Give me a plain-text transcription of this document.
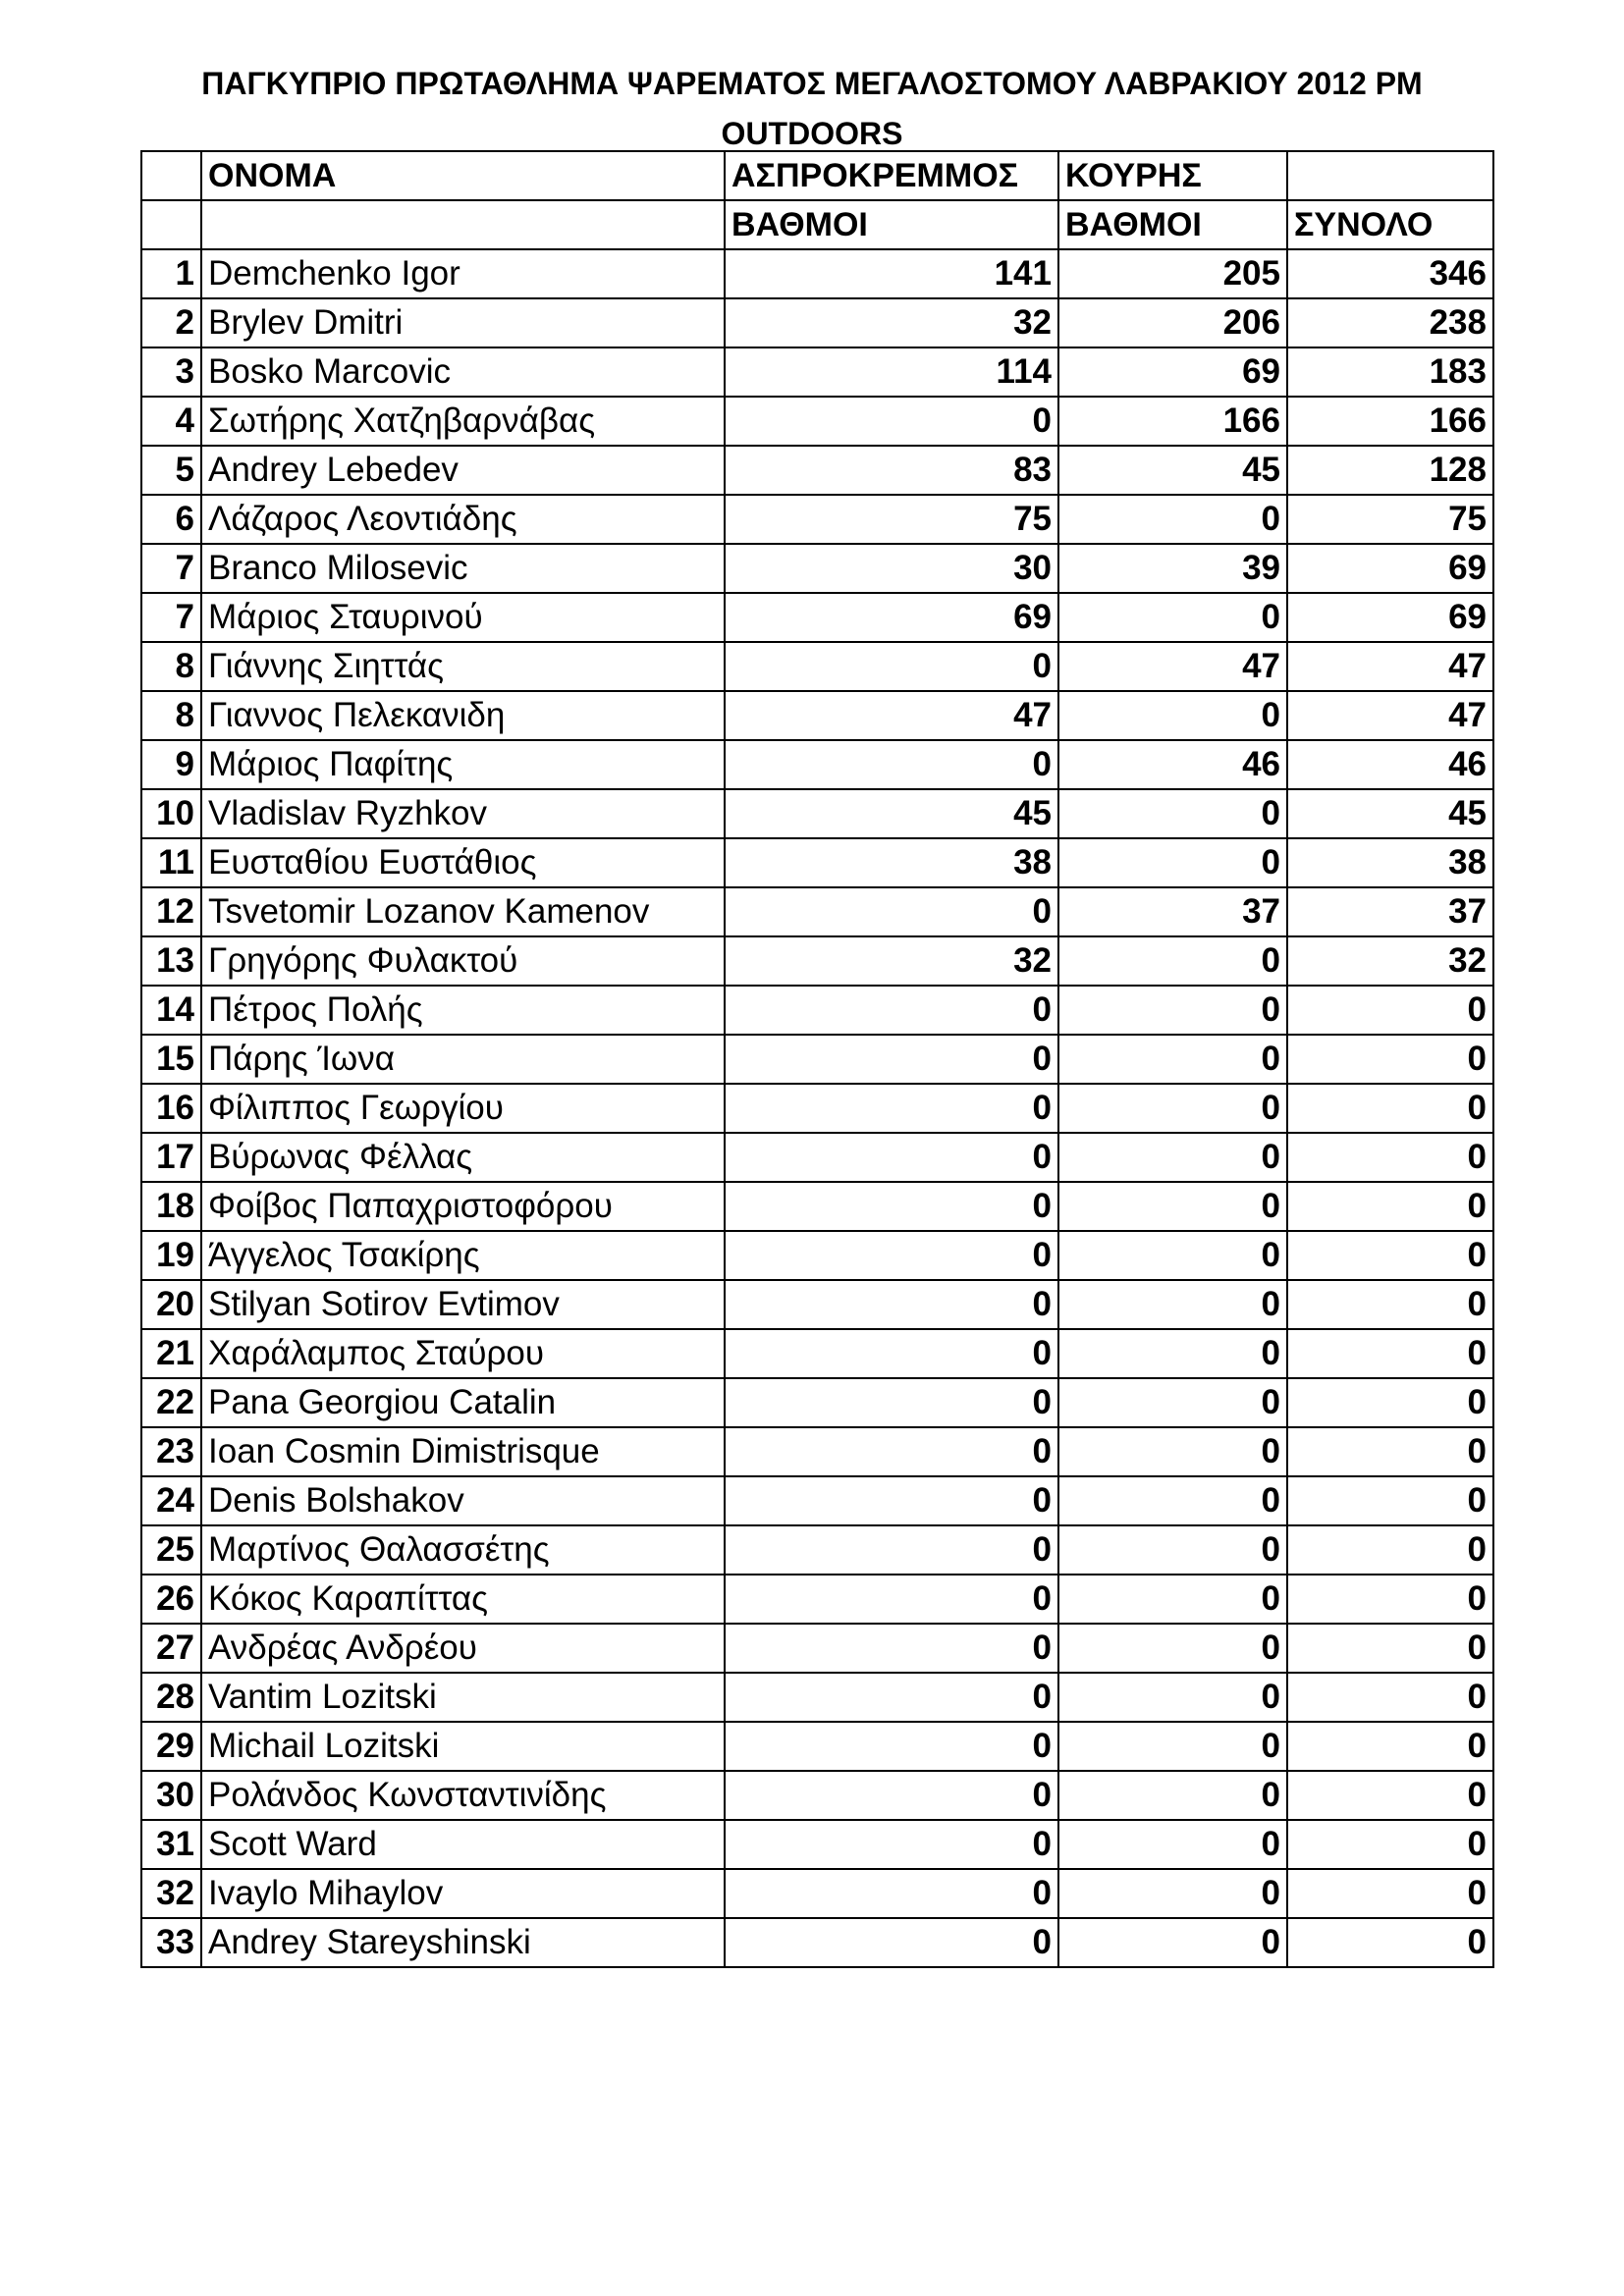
ΠΑΓΚΥΠΡΙΟ ΠΡΩΤΑΘΛΗΜΑ ΨΑΡΕΜΑΤΟΣ ΜΕΓΑΛΟΣΤΟΜΟΥ ΛΑΒΡΑΚΙΟΥ 2012 PM
OUTDOORS
	ΟΝΟΜΑ	ΑΣΠΡΟΚΡΕΜΜΟΣ	ΚΟΥΡΗΣ	
		ΒΑΘΜΟΙ	ΒΑΘΜΟΙ	ΣΥΝΟΛΟ
1	Demchenko Igor	141	205	346
2	Brylev Dmitri	32	206	238
3	Bosko Marcovic	114	69	183
4	Σωτήρης Χατζηβαρνάβας	0	166	166
5	Andrey Lebedev	83	45	128
6	Λάζαρος Λεοντιάδης	75	0	75
7	Branco Milosevic	30	39	69
7	Μάριος Σταυρινού	69	0	69
8	Γιάννης Σιηττάς	0	47	47
8	Γιαννος Πελεκανιδη	47	0	47
9	Μάριος Παφίτης	0	46	46
10	Vladislav Ryzhkov	45	0	45
11	Ευσταθίου Ευστάθιος	38	0	38
12	Tsvetomir Lozanov Kamenov	0	37	37
13	Γρηγόρης Φυλακτού	32	0	32
14	Πέτρος Πολής	0	0	0
15	Πάρης Ίωνα	0	0	0
16	Φίλιππος Γεωργίου	0	0	0
17	Βύρωνας Φέλλας	0	0	0
18	Φοίβος Παπαχριστοφόρου	0	0	0
19	Άγγελος Τσακίρης	0	0	0
20	Stilyan Sotirov Evtimov	0	0	0
21	Χαράλαμπος Σταύρου	0	0	0
22	Pana Georgiou Catalin	0	0	0
23	Ioan Cosmin Dimistrisque	0	0	0
24	Denis Bolshakov	0	0	0
25	Μαρτίνος Θαλασσέτης	0	0	0
26	Κόκος Καραπίττας	0	0	0
27	Ανδρέας Ανδρέου	0	0	0
28	Vantim Lozitski	0	0	0
29	Michail Lozitski	0	0	0
30	Ρολάνδος Κωνσταντινίδης	0	0	0
31	Scott Ward	0	0	0
32	Ivaylo Mihaylov	0	0	0
33	Andrey Stareyshinski	0	0	0
